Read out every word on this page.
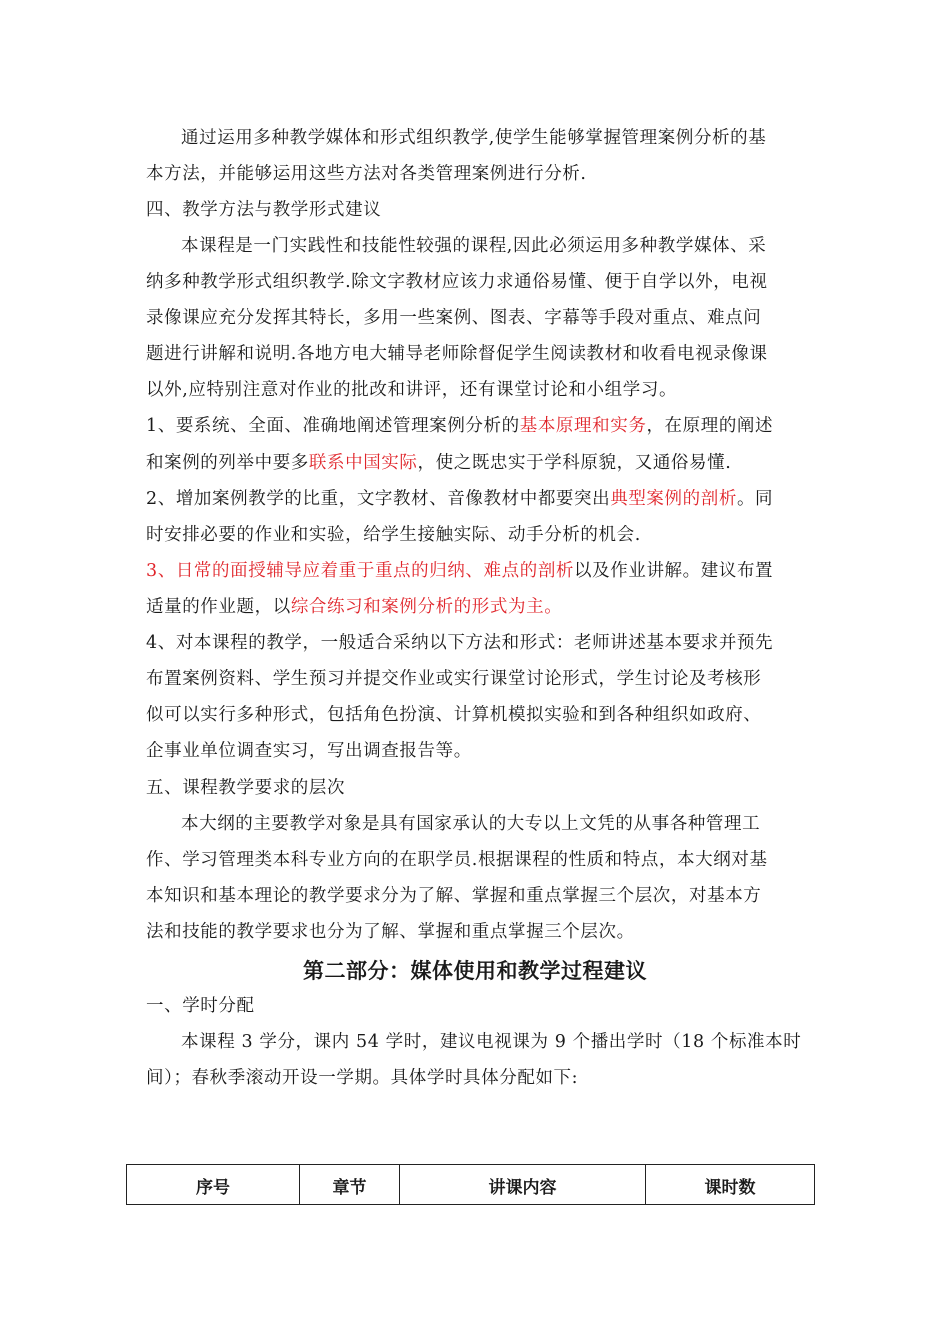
通过运用多种教学媒体和形式组织教学,使学生能够掌握管理案例分析的基
本方法，并能够运用这些方法对各类管理案例进行分析.
四、教学方法与教学形式建议
本课程是一门实践性和技能性较强的课程,因此必须运用多种教学媒体、采
纳多种教学形式组织教学.除文字教材应该力求通俗易懂、便于自学以外，电视
录像课应充分发挥其特长，多用一些案例、图表、字幕等手段对重点、难点问
题进行讲解和说明.各地方电大辅导老师除督促学生阅读教材和收看电视录像课
以外,应特别注意对作业的批改和讲评，还有课堂讨论和小组学习。
1、要系统、全面、准确地阐述管理案例分析的基本原理和实务，在原理的阐述
和案例的列举中要多联系中国实际，使之既忠实于学科原貌，又通俗易懂.
2、增加案例教学的比重，文字教材、音像教材中都要突出典型案例的剖析。同
时安排必要的作业和实验，给学生接触实际、动手分析的机会.
3、日常的面授辅导应着重于重点的归纳、难点的剖析以及作业讲解。建议布置
适量的作业题，以综合练习和案例分析的形式为主。
4、对本课程的教学，一般适合采纳以下方法和形式：老师讲述基本要求并预先
布置案例资料、学生预习并提交作业或实行课堂讨论形式，学生讨论及考核形
似可以实行多种形式，包括角色扮演、计算机模拟实验和到各种组织如政府、
企事业单位调查实习，写出调查报告等。
五、课程教学要求的层次
本大纲的主要教学对象是具有国家承认的大专以上文凭的从事各种管理工
作、学习管理类本科专业方向的在职学员.根据课程的性质和特点，本大纲对基
本知识和基本理论的教学要求分为了解、掌握和重点掌握三个层次，对基本方
法和技能的教学要求也分为了解、掌握和重点掌握三个层次。
第二部分：媒体使用和教学过程建议
一、学时分配
本课程 3 学分，课内 54 学时，建议电视课为 9 个播出学时（18 个标准本时
间）；春秋季滚动开设一学期。具体学时具体分配如下:
序号	章节	讲课内容	课时数
